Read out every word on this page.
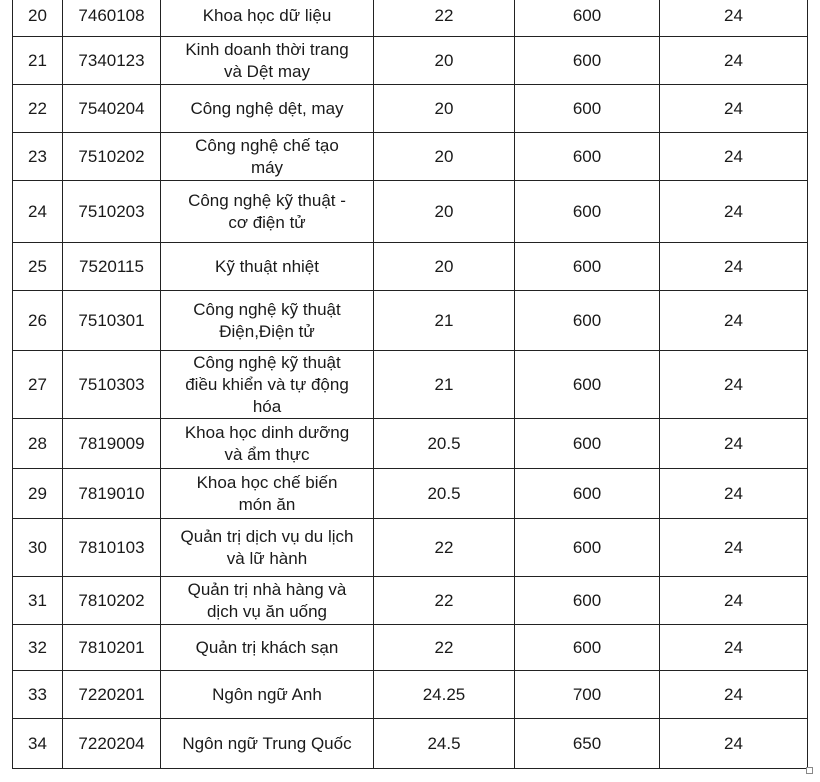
20	7460108	Khoa học dữ liệu	22	600	24
21	7340123	Kinh doanh thời trang
và Dệt may	20	600	24
22	7540204	Công nghệ dệt, may	20	600	24
23	7510202	Công nghệ chế tạo
máy	20	600	24
24	7510203	Công nghệ kỹ thuật -
cơ điện tử	20	600	24
25	7520115	Kỹ thuật nhiệt	20	600	24
26	7510301	Công nghệ kỹ thuật
Điện,Điện tử	21	600	24
27	7510303	Công nghệ kỹ thuật
điều khiển và tự động
hóa	21	600	24
28	7819009	Khoa học dinh dưỡng
và ẩm thực	20.5	600	24
29	7819010	Khoa học chế biến
món ăn	20.5	600	24
30	7810103	Quản trị dịch vụ du lịch
và lữ hành	22	600	24
31	7810202	Quản trị nhà hàng và
dịch vụ ăn uống	22	600	24
32	7810201	Quản trị khách sạn	22	600	24
33	7220201	Ngôn ngữ Anh	24.25	700	24
34	7220204	Ngôn ngữ Trung Quốc	24.5	650	24
